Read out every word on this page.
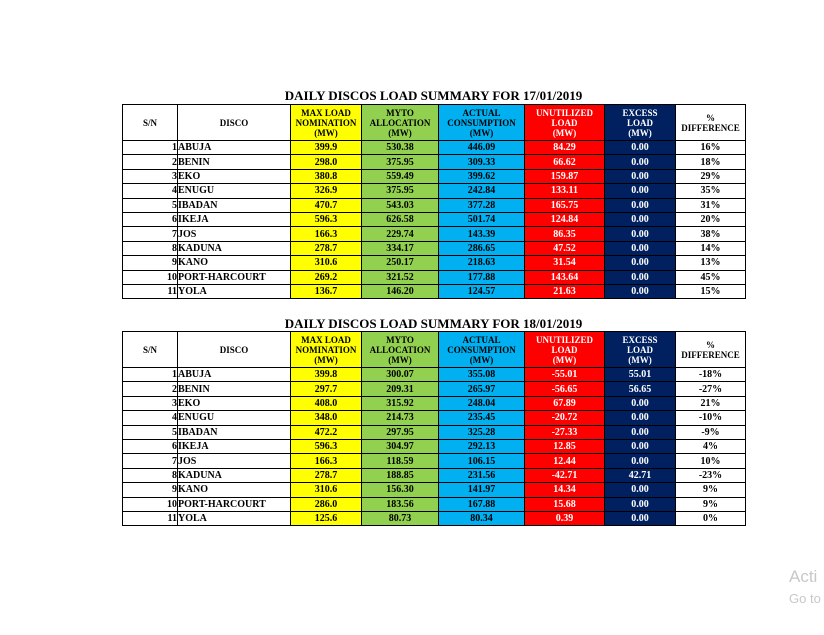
DAILY DISCOS LOAD SUMMARY FOR 17/01/2019
S/N	DISCO	MAX LOAD
NOMINATION
(MW)	MYTO
ALLOCATION
(MW)	ACTUAL
CONSUMPTION
(MW)	UNUTILIZED
LOAD
(MW)	EXCESS
LOAD
(MW)	%
DIFFERENCE
1	ABUJA	399.9	530.38	446.09	84.29	0.00	16%
2	BENIN	298.0	375.95	309.33	66.62	0.00	18%
3	EKO	380.8	559.49	399.62	159.87	0.00	29%
4	ENUGU	326.9	375.95	242.84	133.11	0.00	35%
5	IBADAN	470.7	543.03	377.28	165.75	0.00	31%
6	IKEJA	596.3	626.58	501.74	124.84	0.00	20%
7	JOS	166.3	229.74	143.39	86.35	0.00	38%
8	KADUNA	278.7	334.17	286.65	47.52	0.00	14%
9	KANO	310.6	250.17	218.63	31.54	0.00	13%
10	PORT-HARCOURT	269.2	321.52	177.88	143.64	0.00	45%
11	YOLA	136.7	146.20	124.57	21.63	0.00	15%
DAILY DISCOS LOAD SUMMARY FOR 18/01/2019
S/N	DISCO	MAX LOAD
NOMINATION
(MW)	MYTO
ALLOCATION
(MW)	ACTUAL
CONSUMPTION
(MW)	UNUTILIZED
LOAD
(MW)	EXCESS
LOAD
(MW)	%
DIFFERENCE
1	ABUJA	399.8	300.07	355.08	-55.01	55.01	-18%
2	BENIN	297.7	209.31	265.97	-56.65	56.65	-27%
3	EKO	408.0	315.92	248.04	67.89	0.00	21%
4	ENUGU	348.0	214.73	235.45	-20.72	0.00	-10%
5	IBADAN	472.2	297.95	325.28	-27.33	0.00	-9%
6	IKEJA	596.3	304.97	292.13	12.85	0.00	4%
7	JOS	166.3	118.59	106.15	12.44	0.00	10%
8	KADUNA	278.7	188.85	231.56	-42.71	42.71	-23%
9	KANO	310.6	156.30	141.97	14.34	0.00	9%
10	PORT-HARCOURT	286.0	183.56	167.88	15.68	0.00	9%
11	YOLA	125.6	80.73	80.34	0.39	0.00	0%
Acti
Go to
